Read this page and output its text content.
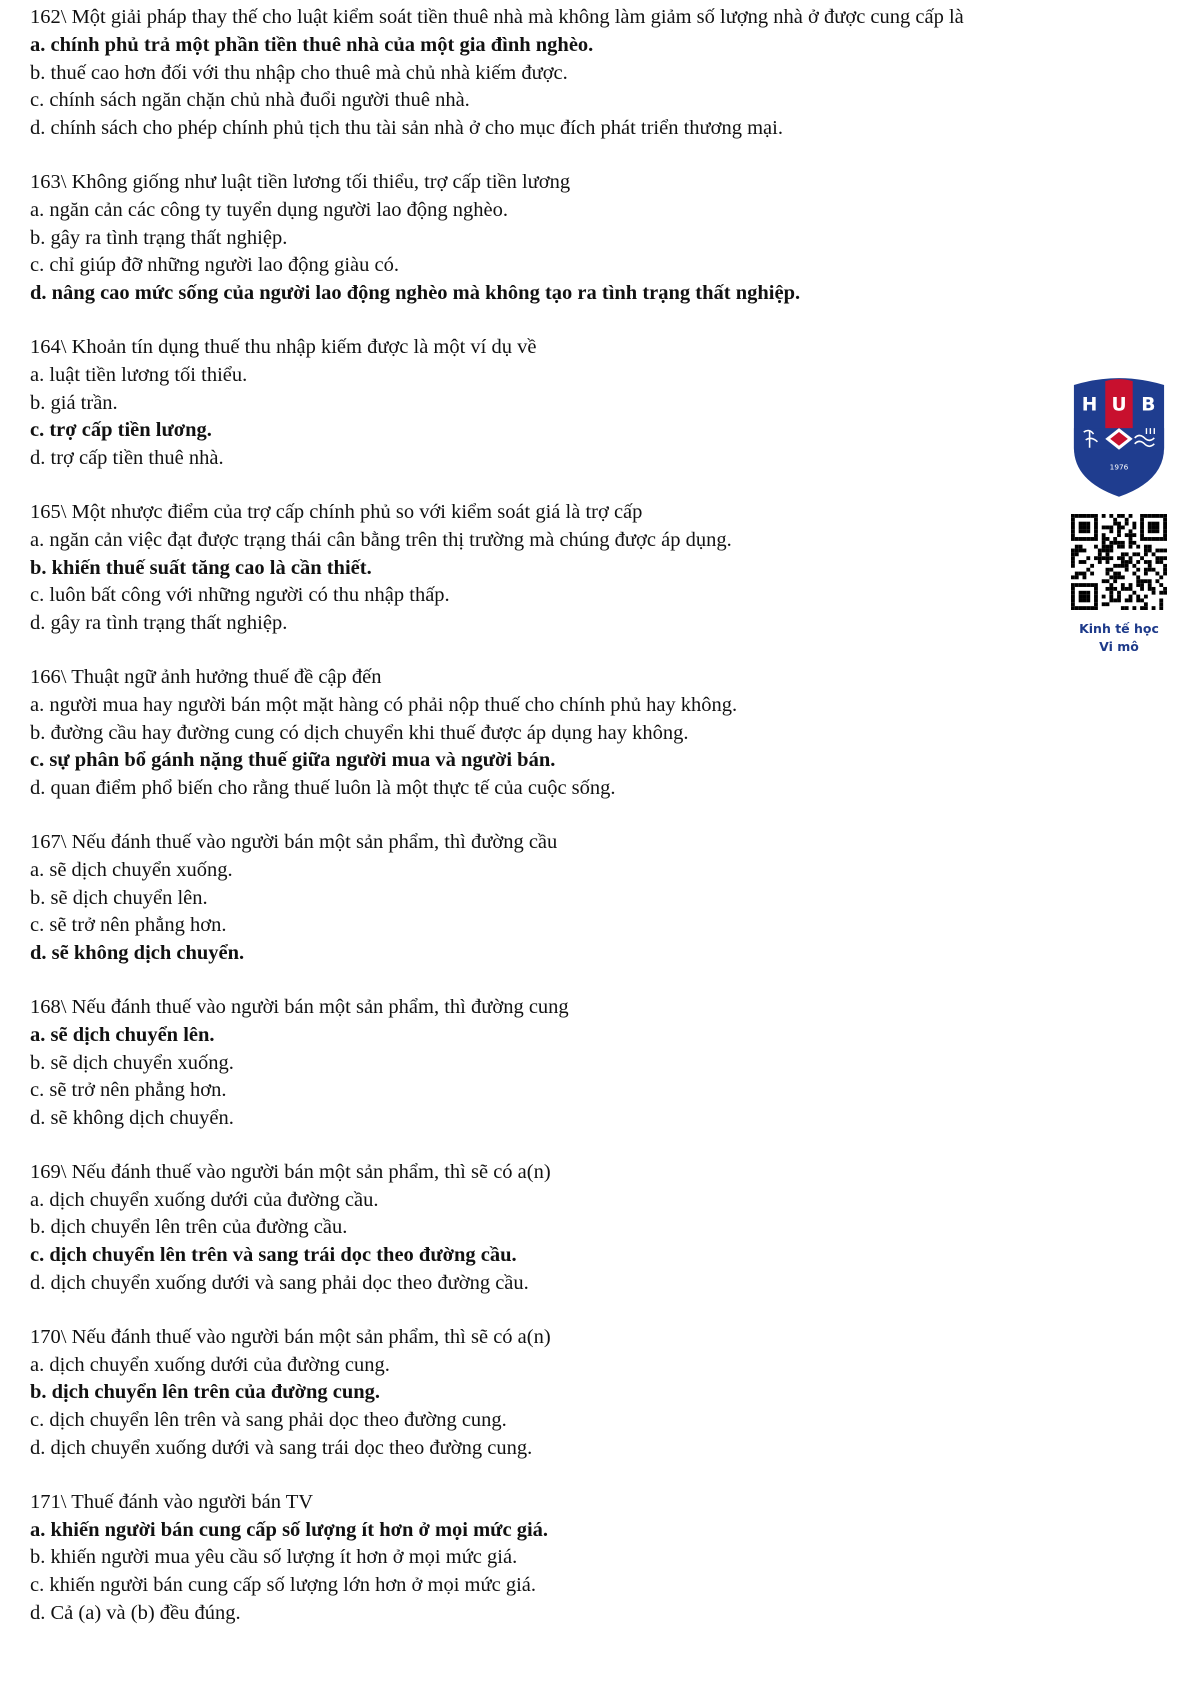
162\ Một giải pháp thay thế cho luật kiểm soát tiền thuê nhà mà không làm giảm số lượng nhà ở được cung cấp là
a. chính phủ trả một phần tiền thuê nhà của một gia đình nghèo.
b. thuế cao hơn đối với thu nhập cho thuê mà chủ nhà kiếm được.
c. chính sách ngăn chặn chủ nhà đuổi người thuê nhà.
d. chính sách cho phép chính phủ tịch thu tài sản nhà ở cho mục đích phát triển thương mại.
163\ Không giống như luật tiền lương tối thiểu, trợ cấp tiền lương
a. ngăn cản các công ty tuyển dụng người lao động nghèo.
b. gây ra tình trạng thất nghiệp.
c. chỉ giúp đỡ những người lao động giàu có.
d. nâng cao mức sống của người lao động nghèo mà không tạo ra tình trạng thất nghiệp.
164\ Khoản tín dụng thuế thu nhập kiếm được là một ví dụ về
a. luật tiền lương tối thiểu.
b. giá trần.
c. trợ cấp tiền lương.
d. trợ cấp tiền thuê nhà.
165\ Một nhược điểm của trợ cấp chính phủ so với kiểm soát giá là trợ cấp
a. ngăn cản việc đạt được trạng thái cân bằng trên thị trường mà chúng được áp dụng.
b. khiến thuế suất tăng cao là cần thiết.
c. luôn bất công với những người có thu nhập thấp.
d. gây ra tình trạng thất nghiệp.
166\ Thuật ngữ ảnh hưởng thuế đề cập đến
a. người mua hay người bán một mặt hàng có phải nộp thuế cho chính phủ hay không.
b. đường cầu hay đường cung có dịch chuyển khi thuế được áp dụng hay không.
c. sự phân bổ gánh nặng thuế giữa người mua và người bán.
d. quan điểm phổ biến cho rằng thuế luôn là một thực tế của cuộc sống.
167\ Nếu đánh thuế vào người bán một sản phẩm, thì đường cầu
a. sẽ dịch chuyển xuống.
b. sẽ dịch chuyển lên.
c. sẽ trở nên phẳng hơn.
d. sẽ không dịch chuyển.
168\ Nếu đánh thuế vào người bán một sản phẩm, thì đường cung
a. sẽ dịch chuyển lên.
b. sẽ dịch chuyển xuống.
c. sẽ trở nên phẳng hơn.
d. sẽ không dịch chuyển.
169\ Nếu đánh thuế vào người bán một sản phẩm, thì sẽ có a(n)
a. dịch chuyển xuống dưới của đường cầu.
b. dịch chuyển lên trên của đường cầu.
c. dịch chuyển lên trên và sang trái dọc theo đường cầu.
d. dịch chuyển xuống dưới và sang phải dọc theo đường cầu.
170\ Nếu đánh thuế vào người bán một sản phẩm, thì sẽ có a(n)
a. dịch chuyển xuống dưới của đường cung.
b. dịch chuyển lên trên của đường cung.
c. dịch chuyển lên trên và sang phải dọc theo đường cung.
d. dịch chuyển xuống dưới và sang trái dọc theo đường cung.
171\ Thuế đánh vào người bán TV
a. khiến người bán cung cấp số lượng ít hơn ở mọi mức giá.
b. khiến người mua yêu cầu số lượng ít hơn ở mọi mức giá.
c. khiến người bán cung cấp số lượng lớn hơn ở mọi mức giá.
d. Cả (a) và (b) đều đúng.
H U B
1976
Kinh tế học
Vi mô
